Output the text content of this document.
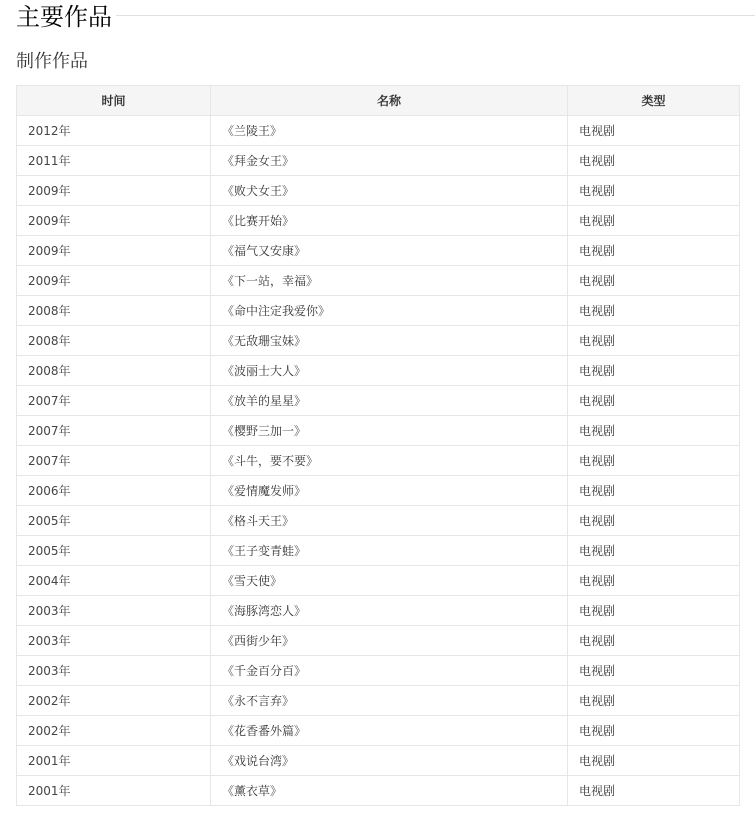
主要作品
制作作品
时间	名称	类型
2012年	《兰陵王》	电视剧
2011年	《拜金女王》	电视剧
2009年	《败犬女王》	电视剧
2009年	《比赛开始》	电视剧
2009年	《福气又安康》	电视剧
2009年	《下一站，幸福》	电视剧
2008年	《命中注定我爱你》	电视剧
2008年	《无敌珊宝妹》	电视剧
2008年	《波丽士大人》	电视剧
2007年	《放羊的星星》	电视剧
2007年	《樱野三加一》	电视剧
2007年	《斗牛，要不要》	电视剧
2006年	《爱情魔发师》	电视剧
2005年	《格斗天王》	电视剧
2005年	《王子变青蛙》	电视剧
2004年	《雪天使》	电视剧
2003年	《海豚湾恋人》	电视剧
2003年	《西街少年》	电视剧
2003年	《千金百分百》	电视剧
2002年	《永不言弃》	电视剧
2002年	《花香番外篇》	电视剧
2001年	《戏说台湾》	电视剧
2001年	《薰衣草》	电视剧
